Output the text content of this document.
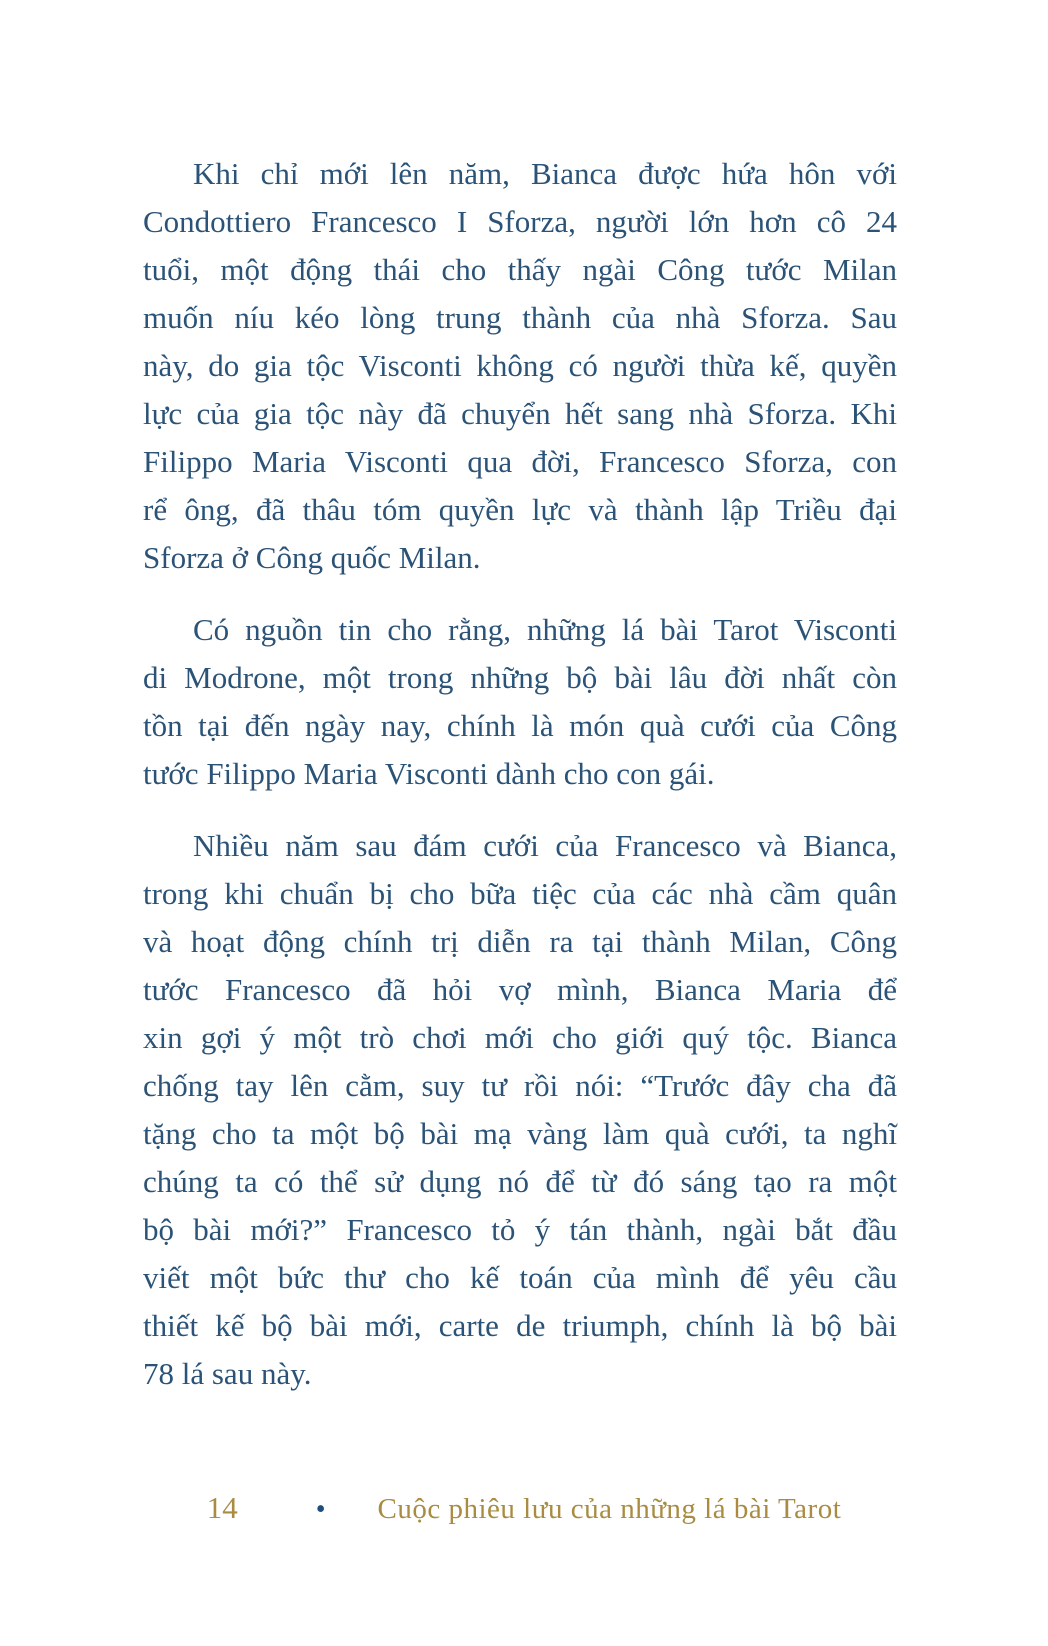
Khi chỉ mới lên năm, Bianca được hứa hôn với
Condottiero Francesco I Sforza, người lớn hơn cô 24
tuổi, một động thái cho thấy ngài Công tước Milan
muốn níu kéo lòng trung thành của nhà Sforza. Sau
này, do gia tộc Visconti không có người thừa kế, quyền
lực của gia tộc này đã chuyển hết sang nhà Sforza. Khi
Filippo Maria Visconti qua đời, Francesco Sforza, con
rể ông, đã thâu tóm quyền lực và thành lập Triều đại
Sforza ở Công quốc Milan.
Có nguồn tin cho rằng, những lá bài Tarot Visconti
di Modrone, một trong những bộ bài lâu đời nhất còn
tồn tại đến ngày nay, chính là món quà cưới của Công
tước Filippo Maria Visconti dành cho con gái.
Nhiều năm sau đám cưới của Francesco và Bianca,
trong khi chuẩn bị cho bữa tiệc của các nhà cầm quân
và hoạt động chính trị diễn ra tại thành Milan, Công
tước Francesco đã hỏi vợ mình, Bianca Maria để
xin gợi ý một trò chơi mới cho giới quý tộc. Bianca
chống tay lên cằm, suy tư rồi nói: “Trước đây cha đã
tặng cho ta một bộ bài mạ vàng làm quà cưới, ta nghĩ
chúng ta có thể sử dụng nó để từ đó sáng tạo ra một
bộ bài mới?” Francesco tỏ ý tán thành, ngài bắt đầu
viết một bức thư cho kế toán của mình để yêu cầu
thiết kế bộ bài mới, carte de triumph, chính là bộ bài
78 lá sau này.
14	• Cuộc phiêu lưu của những lá bài Tarot
